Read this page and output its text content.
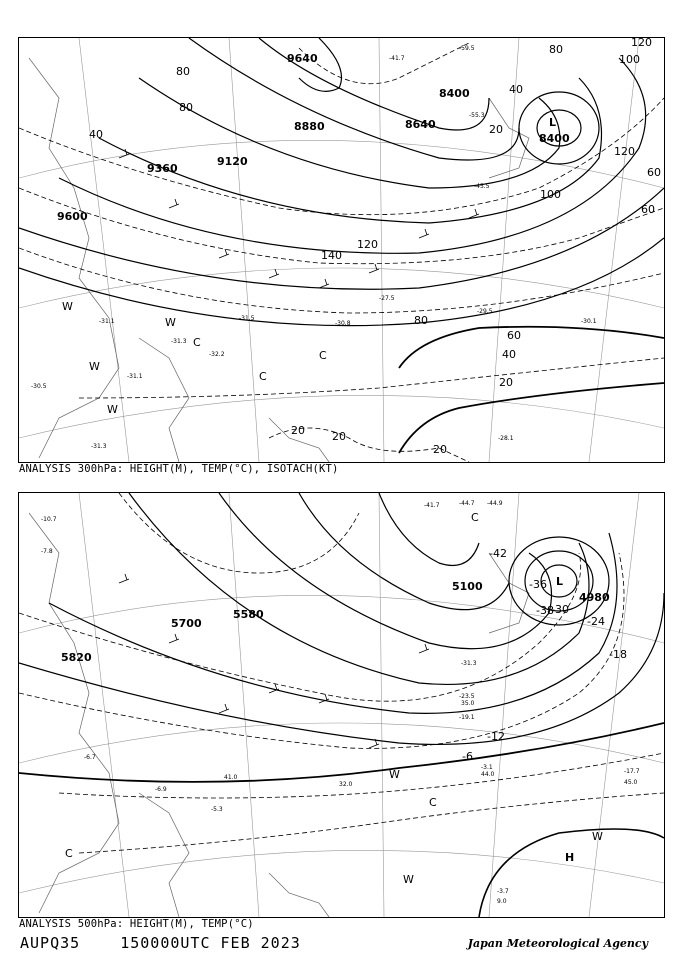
9640
8400
8640
8880
9120
9360
9600
8400
120
100
120
80
60
40
20
100
120
140
40
80
60
40
20
20 20
80
20
60
80
L
C
C
C
W
W
W
W
-31.1
-31.3
-32.2
-31.5
-27.5
-29.5
-30.1
-28.1
-30.5
-31.1
-31.3
-30.8
-59.5
-41.7
-55.3
-45.5
ANALYSIS 300hPa: HEIGHT(M), TEMP(°C), ISOTACH(KT)
5820
5700
5580
5100
4980
-42
-36
-30
-24
-18
-12
-6
-38
L
C
C
C
W
W
W
H
-44.7 -44.9
-41.7
-31.3
-23.5
-19.1
-17.7
-3.1
-3.7
-5.3
-6.9
-6.7
-7.8
-10.7
35.0
44.0
45.0
9.0
41.0
32.0
ANALYSIS 500hPa: HEIGHT(M), TEMP(°C)
AUPQ35	150000UTC FEB 2023	Japan Meteorological Agency
